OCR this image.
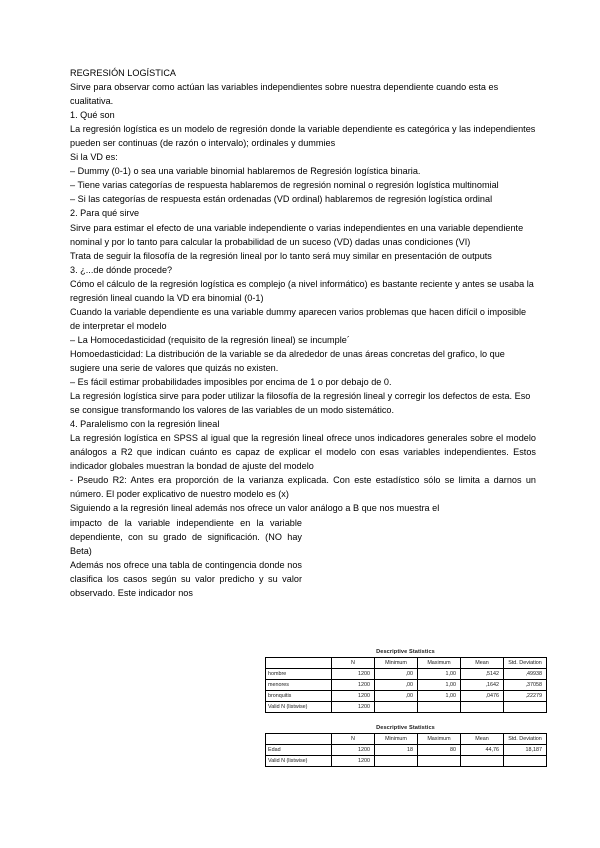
REGRESIÓN LOGÍSTICA

Sirve para observar como actúan las variables independientes sobre nuestra dependiente cuando esta es cualitativa.

1. Qué son

La regresión logística es un modelo de regresión donde la variable dependiente es categórica y las independientes pueden ser continuas (de razón o intervalo); ordinales y dummies

Si la VD es:

– Dummy (0-1) o sea una variable binomial hablaremos de Regresión logística binaria.

– Tiene varias categorías de respuesta hablaremos de regresión nominal o regresión logística multinomial

– Si las categorías de respuesta están ordenadas (VD ordinal) hablaremos de regresión logística ordinal

2. Para qué sirve

Sirve para estimar el efecto de una variable independiente o varias independientes en una variable dependiente nominal y por lo tanto para calcular la probabilidad de un suceso (VD) dadas unas condiciones (VI)

Trata de seguir la filosofía de la regresión lineal por lo tanto será muy similar en presentación de outputs

3. ¿...de dónde procede?

Cómo el cálculo de la regresión logística es complejo (a nivel informático) es bastante reciente y antes se usaba la regresión lineal cuando la VD era binomial (0-1)

Cuando la variable dependiente es una variable dummy aparecen varios problemas que hacen difícil o imposible de interpretar el modelo

– La Homocedasticidad (requisito de la regresión lineal) se incumple´

Homoedasticidad: La distribución de la variable se da alrededor de unas áreas concretas del grafico, lo que sugiere una serie de valores que quizás no existen.

– Es fácil estimar probabilidades imposibles por encima de 1 o por debajo de 0.

La regresión logística sirve para poder utilizar la filosofía de la regresión lineal y corregir los defectos de esta. Eso se consigue transformando los valores de las variables de un modo sistemático.

4. Paralelismo con la regresión lineal

La regresión logística en SPSS al igual que la regresión lineal ofrece unos indicadores generales sobre el modelo análogos a R2 que indican cuánto es capaz de explicar el modelo con esas variables independientes. Estos indicador globales muestran la bondad de ajuste del modelo

- Pseudo R2: Antes era proporción de la varianza explicada. Con este estadístico sólo se limita a darnos un número. El poder explicativo de nuestro modelo es (x)

Siguiendo a la regresión lineal además nos ofrece un valor análogo a B que nos muestra el

impacto de la variable independiente en la variable dependiente, con su grado de significación. (NO hay Beta)

Además nos ofrece una tabla de contingencia donde nos clasifica los casos según su valor predicho y su valor observado. Este indicador nos

Descriptive Statistics
	N	Minimum	Maximum	Mean	Std. Deviation
hombre	1200	,00	1,00	,5142	,49938
menores	1200	,00	1,00	,1642	,37058
bronquitis	1200	,00	1,00	,0476	,22279
Valid N (listwise)	1200				
Descriptive Statistics
	N	Minimum	Maximum	Mean	Std. Deviation
Edad	1200	18	80	44,76	18,187
Valid N (listwise)	1200				
